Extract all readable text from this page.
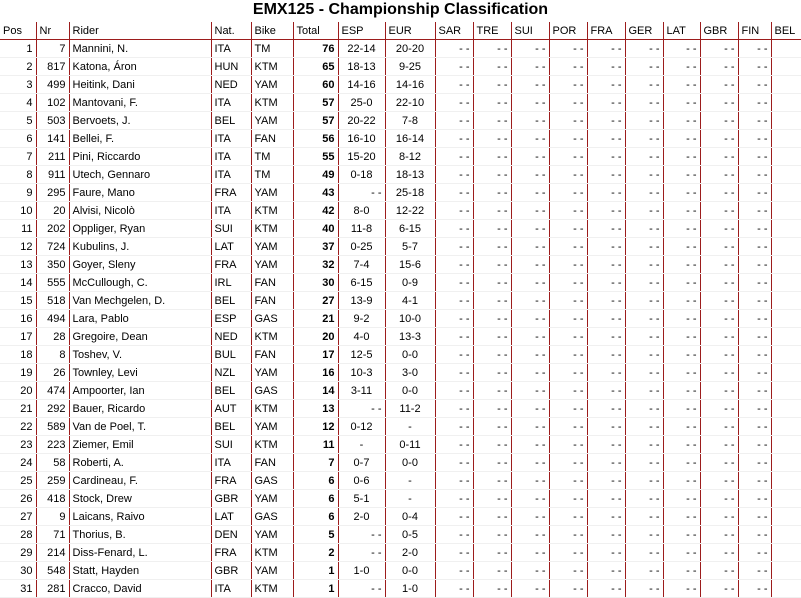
EMX125 - Championship Classification
Pos	Nr	Rider	Nat.	Bike	Total	ESP	EUR	SAR	TRE	SUI	POR	FRA	GER	LAT	GBR	FIN	BEL
1	7	Mannini, N.	ITA	TM	76	22-14	20-20	- -	- -	- -	- -	- -	- -	- -	- -	- -	
2	817	Katona, Áron	HUN	KTM	65	18-13	9-25	- -	- -	- -	- -	- -	- -	- -	- -	- -	
3	499	Heitink, Dani	NED	YAM	60	14-16	14-16	- -	- -	- -	- -	- -	- -	- -	- -	- -	
4	102	Mantovani, F.	ITA	KTM	57	25-0	22-10	- -	- -	- -	- -	- -	- -	- -	- -	- -	
5	503	Bervoets, J.	BEL	YAM	57	20-22	7-8	- -	- -	- -	- -	- -	- -	- -	- -	- -	
6	141	Bellei, F.	ITA	FAN	56	16-10	16-14	- -	- -	- -	- -	- -	- -	- -	- -	- -	
7	211	Pini, Riccardo	ITA	TM	55	15-20	8-12	- -	- -	- -	- -	- -	- -	- -	- -	- -	
8	911	Utech, Gennaro	ITA	TM	49	0-18	18-13	- -	- -	- -	- -	- -	- -	- -	- -	- -	
9	295	Faure, Mano	FRA	YAM	43	- -	25-18	- -	- -	- -	- -	- -	- -	- -	- -	- -	
10	20	Alvisi, Nicolò	ITA	KTM	42	8-0	12-22	- -	- -	- -	- -	- -	- -	- -	- -	- -	
11	202	Oppliger, Ryan	SUI	KTM	40	11-8	6-15	- -	- -	- -	- -	- -	- -	- -	- -	- -	
12	724	Kubulins, J.	LAT	YAM	37	0-25	5-7	- -	- -	- -	- -	- -	- -	- -	- -	- -	
13	350	Goyer, Sleny	FRA	YAM	32	7-4	15-6	- -	- -	- -	- -	- -	- -	- -	- -	- -	
14	555	McCullough, C.	IRL	FAN	30	6-15	0-9	- -	- -	- -	- -	- -	- -	- -	- -	- -	
15	518	Van Mechgelen, D.	BEL	FAN	27	13-9	4-1	- -	- -	- -	- -	- -	- -	- -	- -	- -	
16	494	Lara, Pablo	ESP	GAS	21	9-2	10-0	- -	- -	- -	- -	- -	- -	- -	- -	- -	
17	28	Gregoire, Dean	NED	KTM	20	4-0	13-3	- -	- -	- -	- -	- -	- -	- -	- -	- -	
18	8	Toshev, V.	BUL	FAN	17	12-5	0-0	- -	- -	- -	- -	- -	- -	- -	- -	- -	
19	26	Townley, Levi	NZL	YAM	16	10-3	3-0	- -	- -	- -	- -	- -	- -	- -	- -	- -	
20	474	Ampoorter, Ian	BEL	GAS	14	3-11	0-0	- -	- -	- -	- -	- -	- -	- -	- -	- -	
21	292	Bauer, Ricardo	AUT	KTM	13	- -	11-2	- -	- -	- -	- -	- -	- -	- -	- -	- -	
22	589	Van de Poel, T.	BEL	YAM	12	0-12	-	- -	- -	- -	- -	- -	- -	- -	- -	- -	
23	223	Ziemer, Emil	SUI	KTM	11	-	0-11	- -	- -	- -	- -	- -	- -	- -	- -	- -	
24	58	Roberti, A.	ITA	FAN	7	0-7	0-0	- -	- -	- -	- -	- -	- -	- -	- -	- -	
25	259	Cardineau, F.	FRA	GAS	6	0-6	-	- -	- -	- -	- -	- -	- -	- -	- -	- -	
26	418	Stock, Drew	GBR	YAM	6	5-1	-	- -	- -	- -	- -	- -	- -	- -	- -	- -	
27	9	Laicans, Raivo	LAT	GAS	6	2-0	0-4	- -	- -	- -	- -	- -	- -	- -	- -	- -	
28	71	Thorius, B.	DEN	YAM	5	- -	0-5	- -	- -	- -	- -	- -	- -	- -	- -	- -	
29	214	Diss-Fenard, L.	FRA	KTM	2	- -	2-0	- -	- -	- -	- -	- -	- -	- -	- -	- -	
30	548	Statt, Hayden	GBR	YAM	1	1-0	0-0	- -	- -	- -	- -	- -	- -	- -	- -	- -	
31	281	Cracco, David	ITA	KTM	1	- -	1-0	- -	- -	- -	- -	- -	- -	- -	- -	- -	
